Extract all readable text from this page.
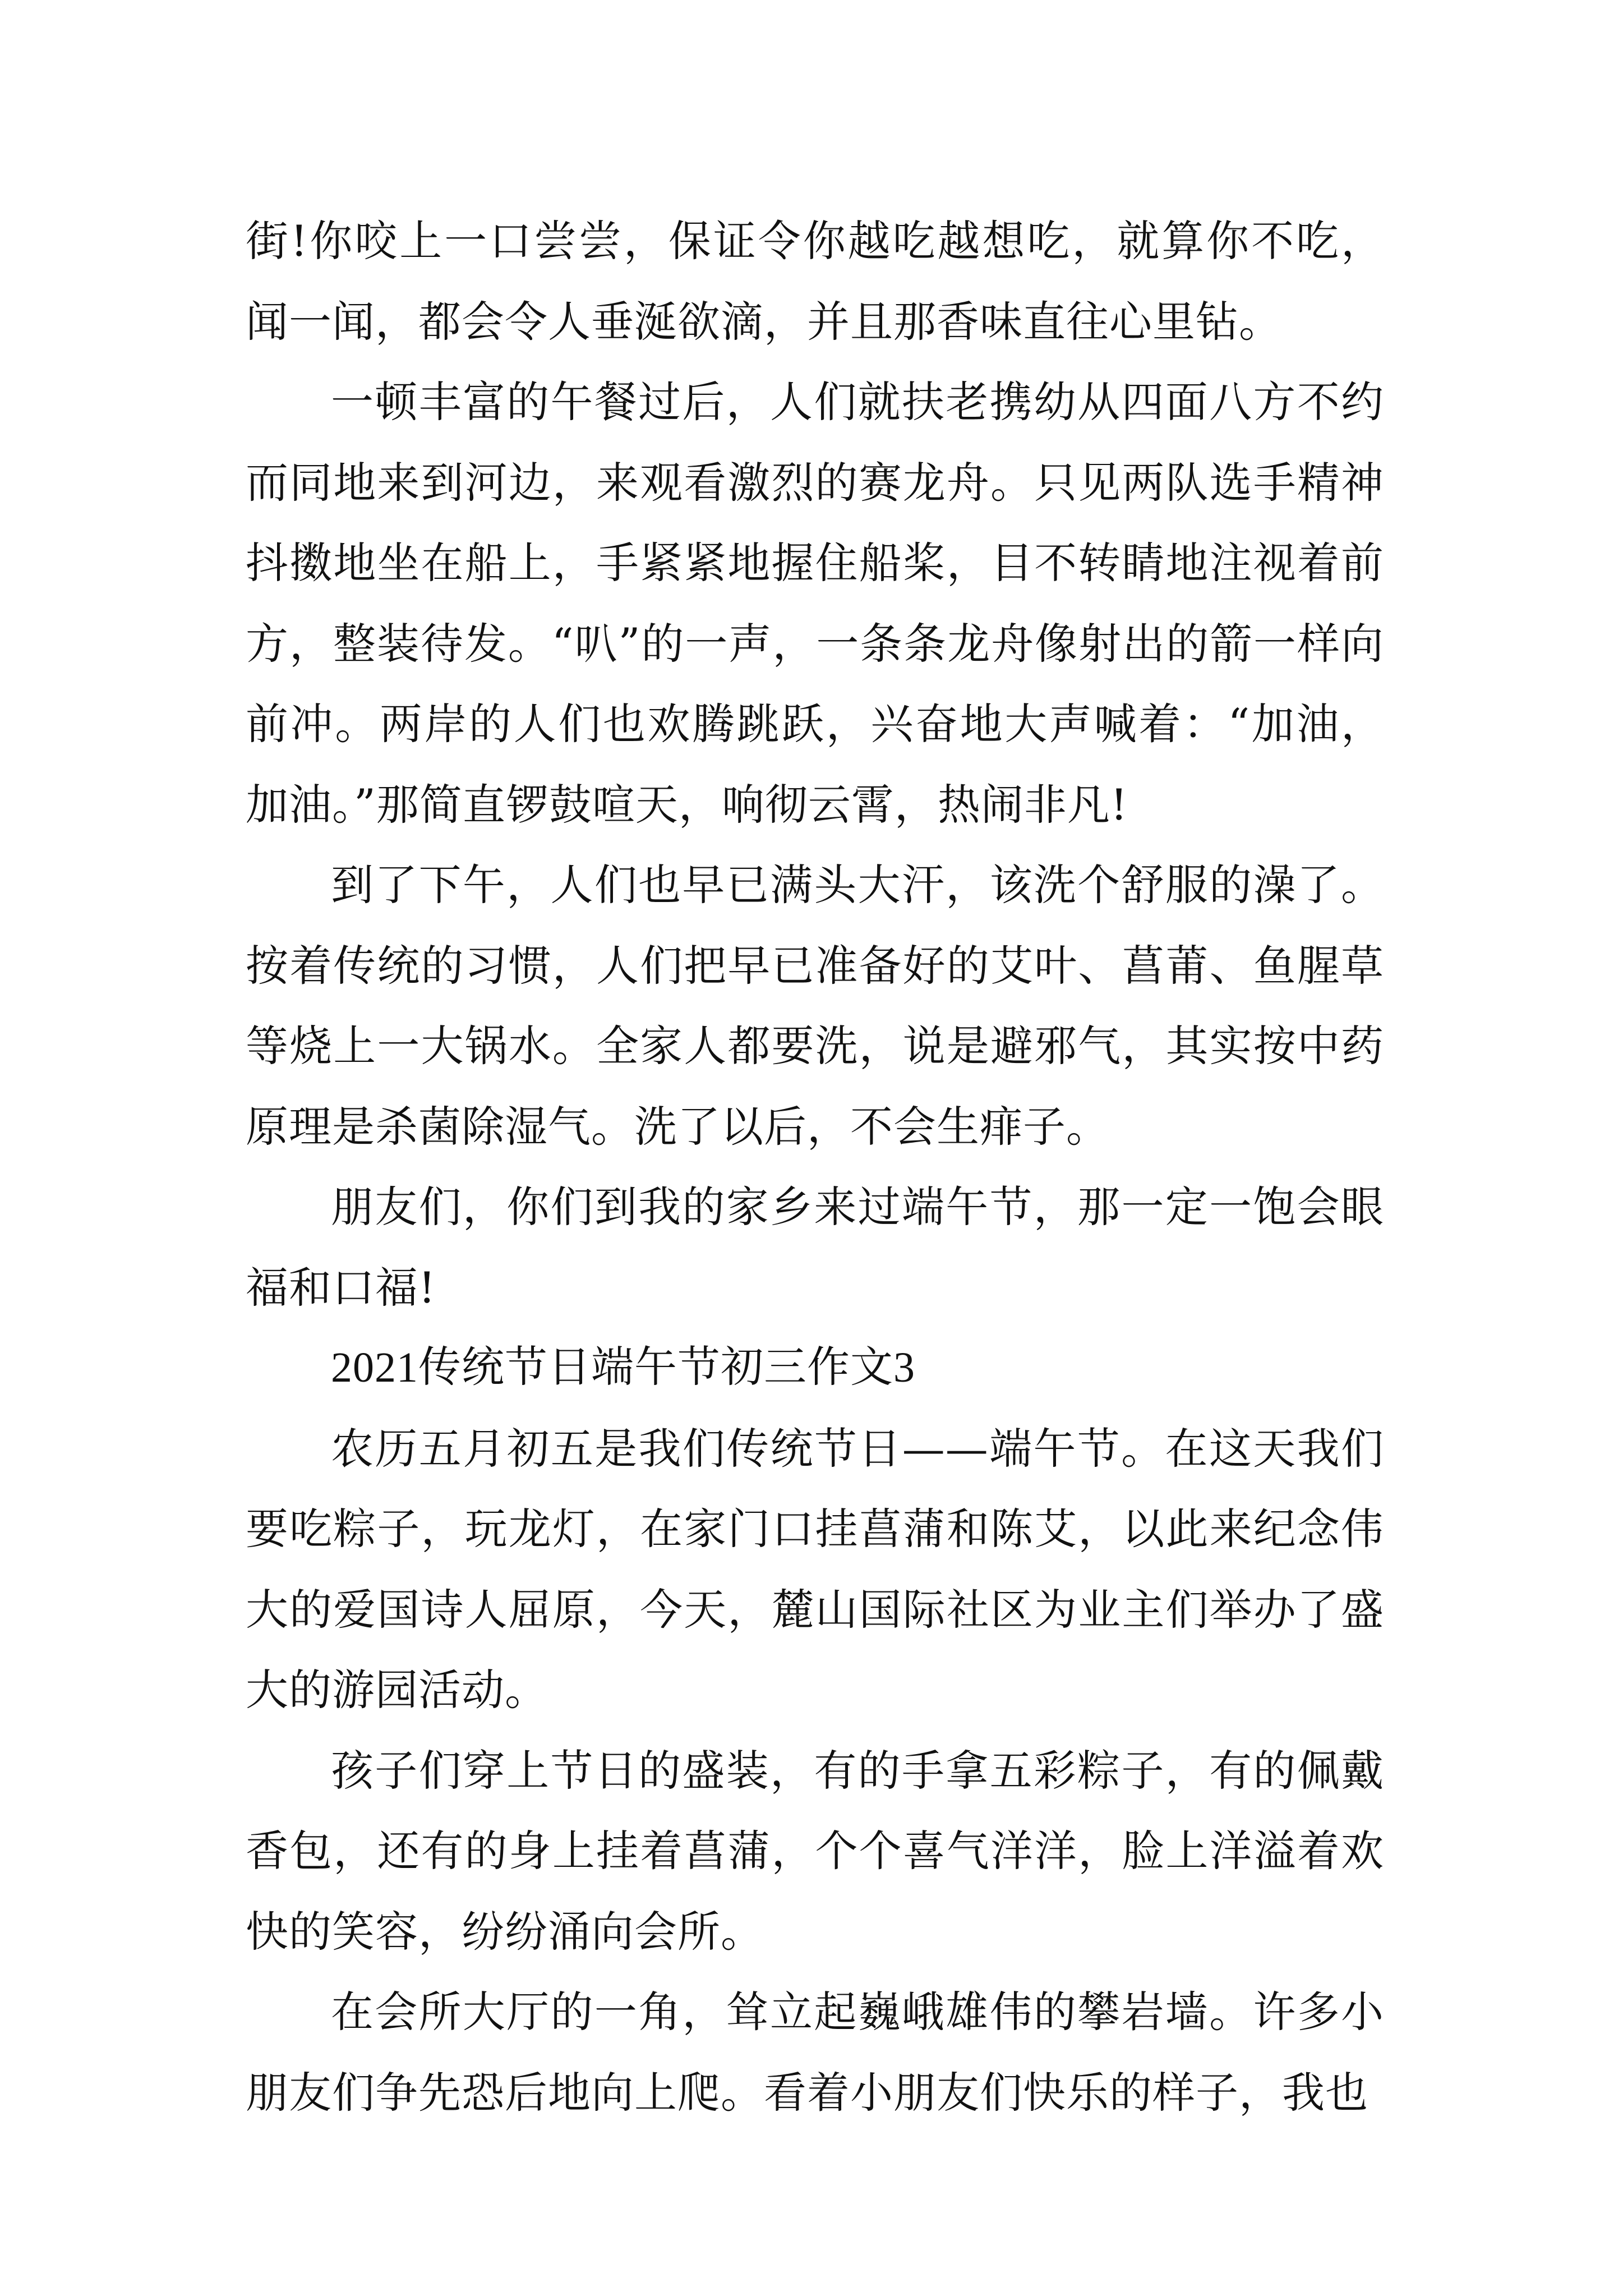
街!你咬上一口尝尝，保证令你越吃越想吃，就算你不吃，闻一闻，都会令人垂涎欲滴，并且那香味直往心里钻。

一顿丰富的午餐过后，人们就扶老携幼从四面八方不约而同地来到河边，来观看激烈的赛龙舟。只见两队选手精神抖擞地坐在船上，手紧紧地握住船桨，目不转睛地注视着前方，整装待发。“叭”的一声，一条条龙舟像射出的箭一样向前冲。两岸的人们也欢腾跳跃，兴奋地大声喊着：“加油，加油。”那简直锣鼓喧天，响彻云霄，热闹非凡!

到了下午，人们也早已满头大汗，该洗个舒服的澡了。按着传统的习惯，人们把早已准备好的艾叶、菖莆、鱼腥草等烧上一大锅水。全家人都要洗，说是避邪气，其实按中药原理是杀菌除湿气。洗了以后，不会生痱子。

朋友们，你们到我的家乡来过端午节，那一定一饱会眼福和口福!

2021传统节日端午节初三作文3

农历五月初五是我们传统节日——端午节。在这天我们要吃粽子，玩龙灯，在家门口挂菖蒲和陈艾，以此来纪念伟大的爱国诗人屈原，今天，麓山国际社区为业主们举办了盛大的游园活动。

孩子们穿上节日的盛装，有的手拿五彩粽子，有的佩戴香包，还有的身上挂着菖蒲，个个喜气洋洋，脸上洋溢着欢快的笑容，纷纷涌向会所。

在会所大厅的一角，耸立起巍峨雄伟的攀岩墙。许多小朋友们争先恐后地向上爬。看着小朋友们快乐的样子，我也
